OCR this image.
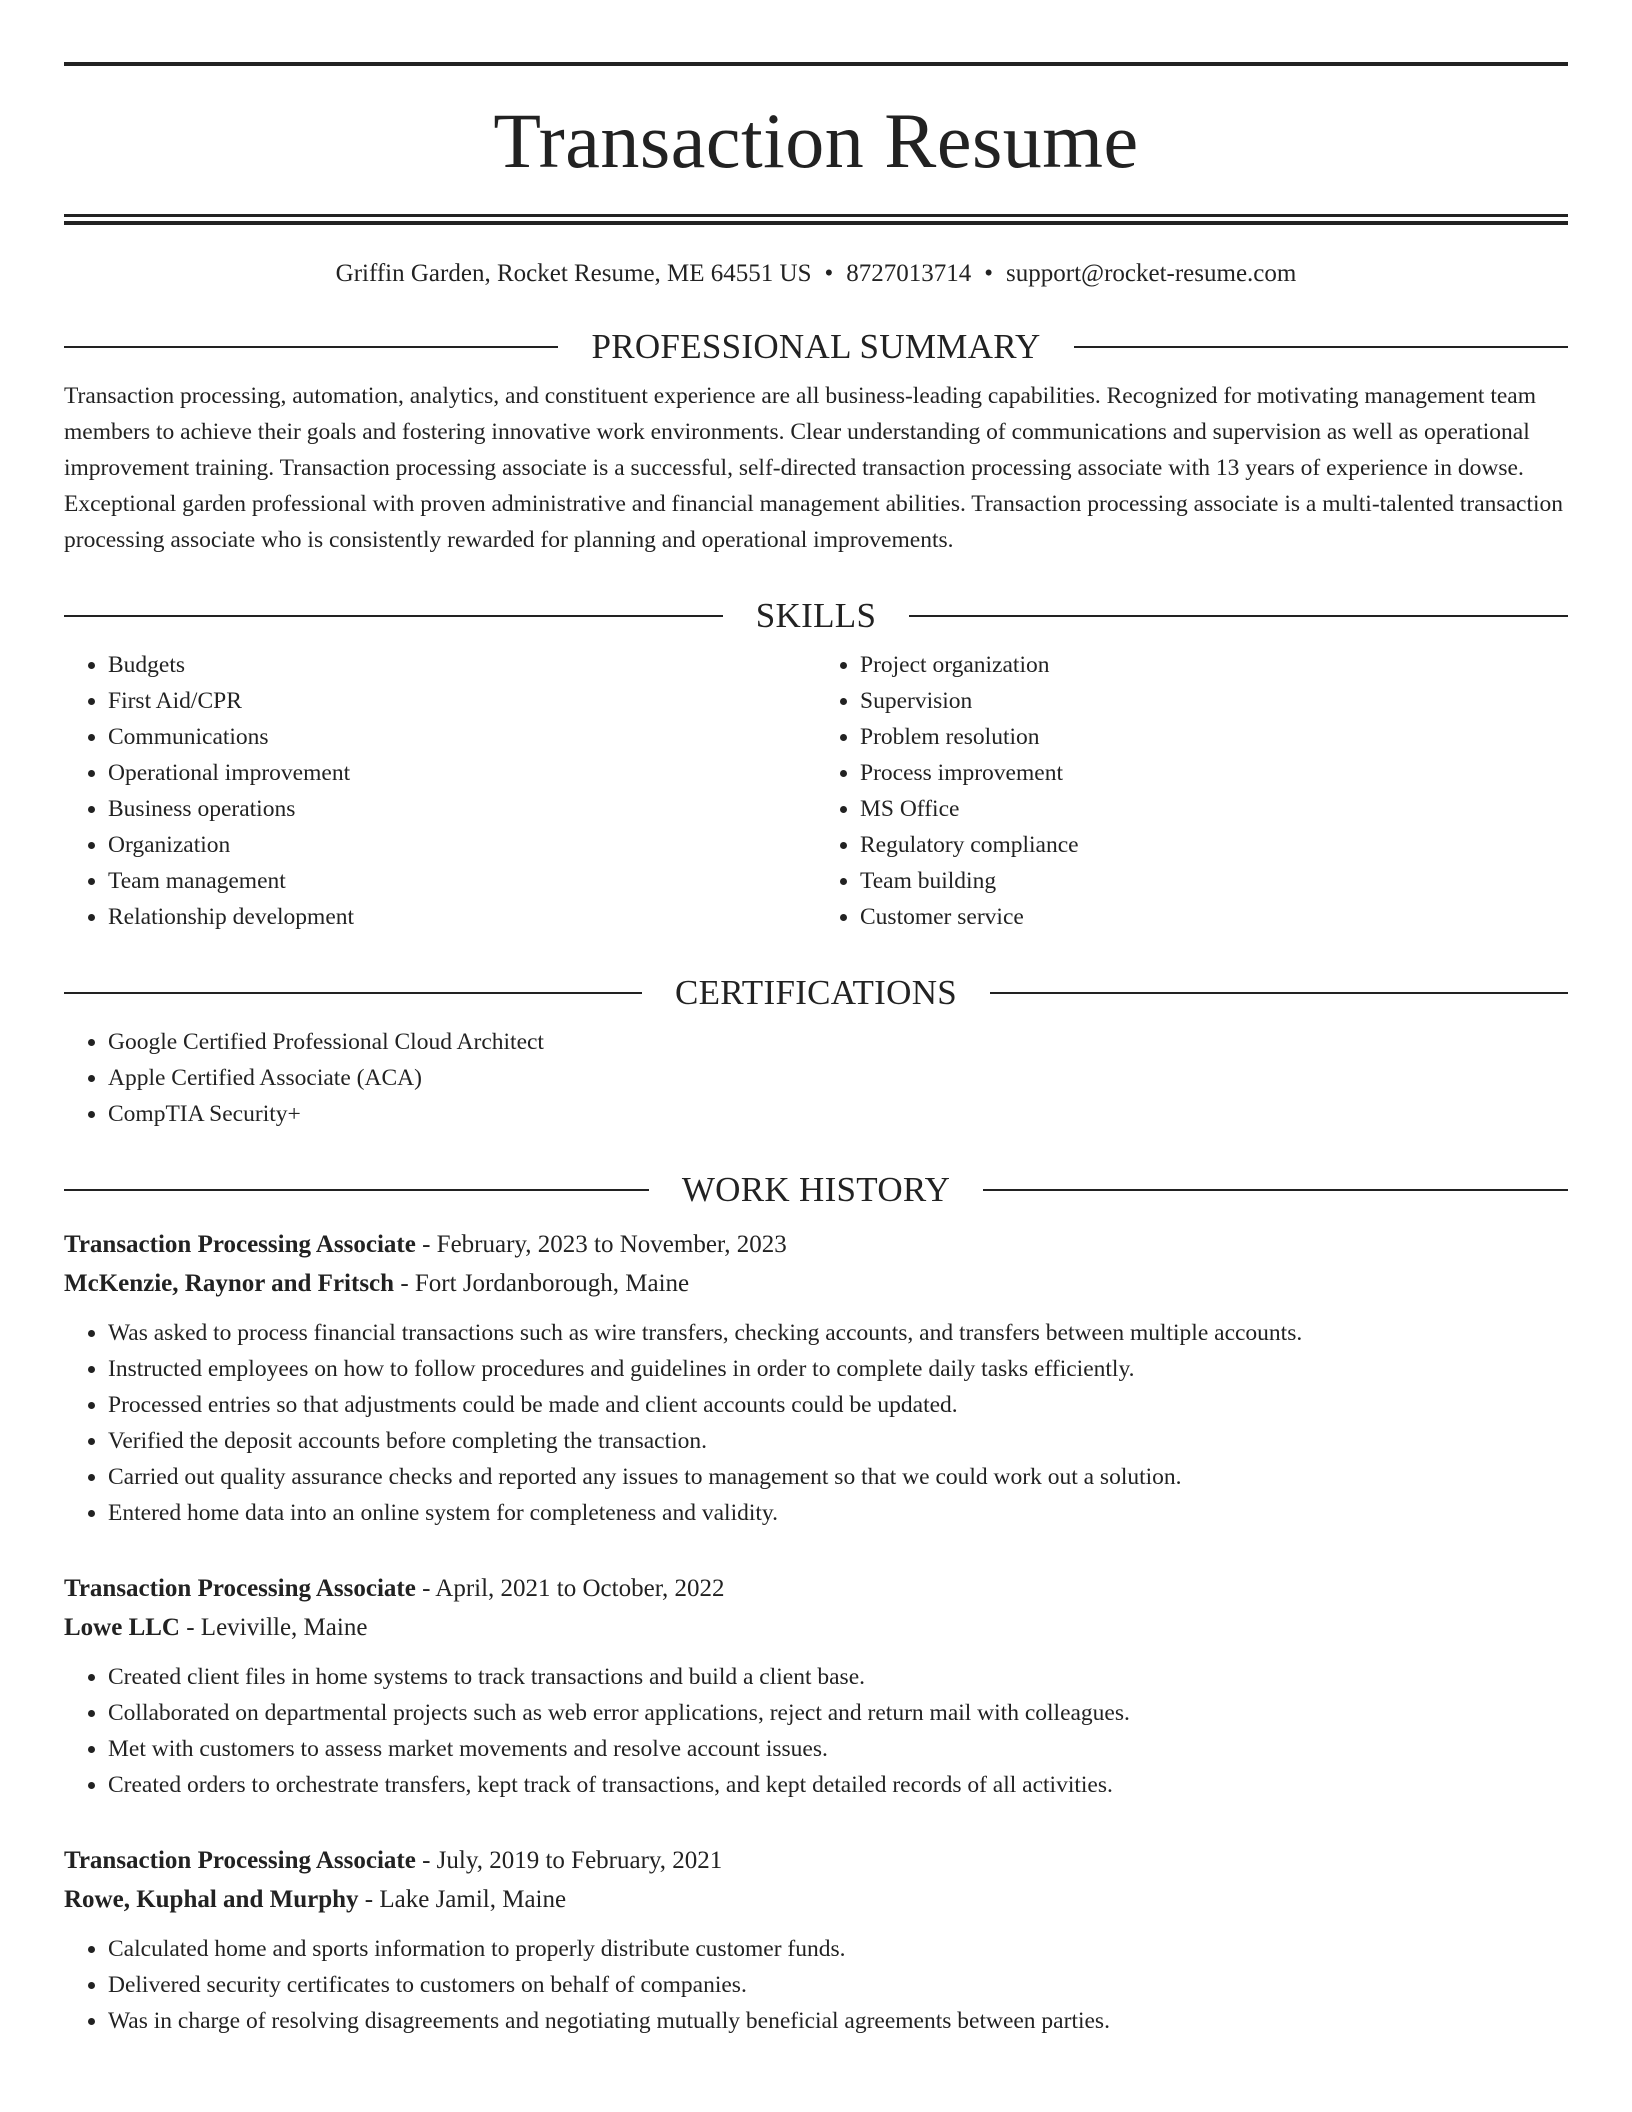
Transaction Resume
Griffin Garden, Rocket Resume, ME 64551 US • 8727013714 • support@rocket-resume.com
PROFESSIONAL SUMMARY

Transaction processing, automation, analytics, and constituent experience are all business-leading capabilities. Recognized for motivating management team members to achieve their goals and fostering innovative work environments. Clear understanding of communications and supervision as well as operational improvement training. Transaction processing associate is a successful, self-directed transaction processing associate with 13 years of experience in dowse. Exceptional garden professional with proven administrative and financial management abilities. Transaction processing associate is a multi-talented transaction processing associate who is consistently rewarded for planning and operational improvements.

SKILLS
• Budgets
• First Aid/CPR
• Communications
• Operational improvement
• Business operations
• Organization
• Team management
• Relationship development
• Project organization
• Supervision
• Problem resolution
• Process improvement
• MS Office
• Regulatory compliance
• Team building
• Customer service
CERTIFICATIONS
• Google Certified Professional Cloud Architect
• Apple Certified Associate (ACA)
• CompTIA Security+
WORK HISTORY
Transaction Processing Associate - February, 2023 to November, 2023
McKenzie, Raynor and Fritsch - Fort Jordanborough, Maine
• Was asked to process financial transactions such as wire transfers, checking accounts, and transfers between multiple accounts.
• Instructed employees on how to follow procedures and guidelines in order to complete daily tasks efficiently.
• Processed entries so that adjustments could be made and client accounts could be updated.
• Verified the deposit accounts before completing the transaction.
• Carried out quality assurance checks and reported any issues to management so that we could work out a solution.
• Entered home data into an online system for completeness and validity.
Transaction Processing Associate - April, 2021 to October, 2022
Lowe LLC - Leviville, Maine
• Created client files in home systems to track transactions and build a client base.
• Collaborated on departmental projects such as web error applications, reject and return mail with colleagues.
• Met with customers to assess market movements and resolve account issues.
• Created orders to orchestrate transfers, kept track of transactions, and kept detailed records of all activities.
Transaction Processing Associate - July, 2019 to February, 2021
Rowe, Kuphal and Murphy - Lake Jamil, Maine
• Calculated home and sports information to properly distribute customer funds.
• Delivered security certificates to customers on behalf of companies.
• Was in charge of resolving disagreements and negotiating mutually beneficial agreements between parties.
